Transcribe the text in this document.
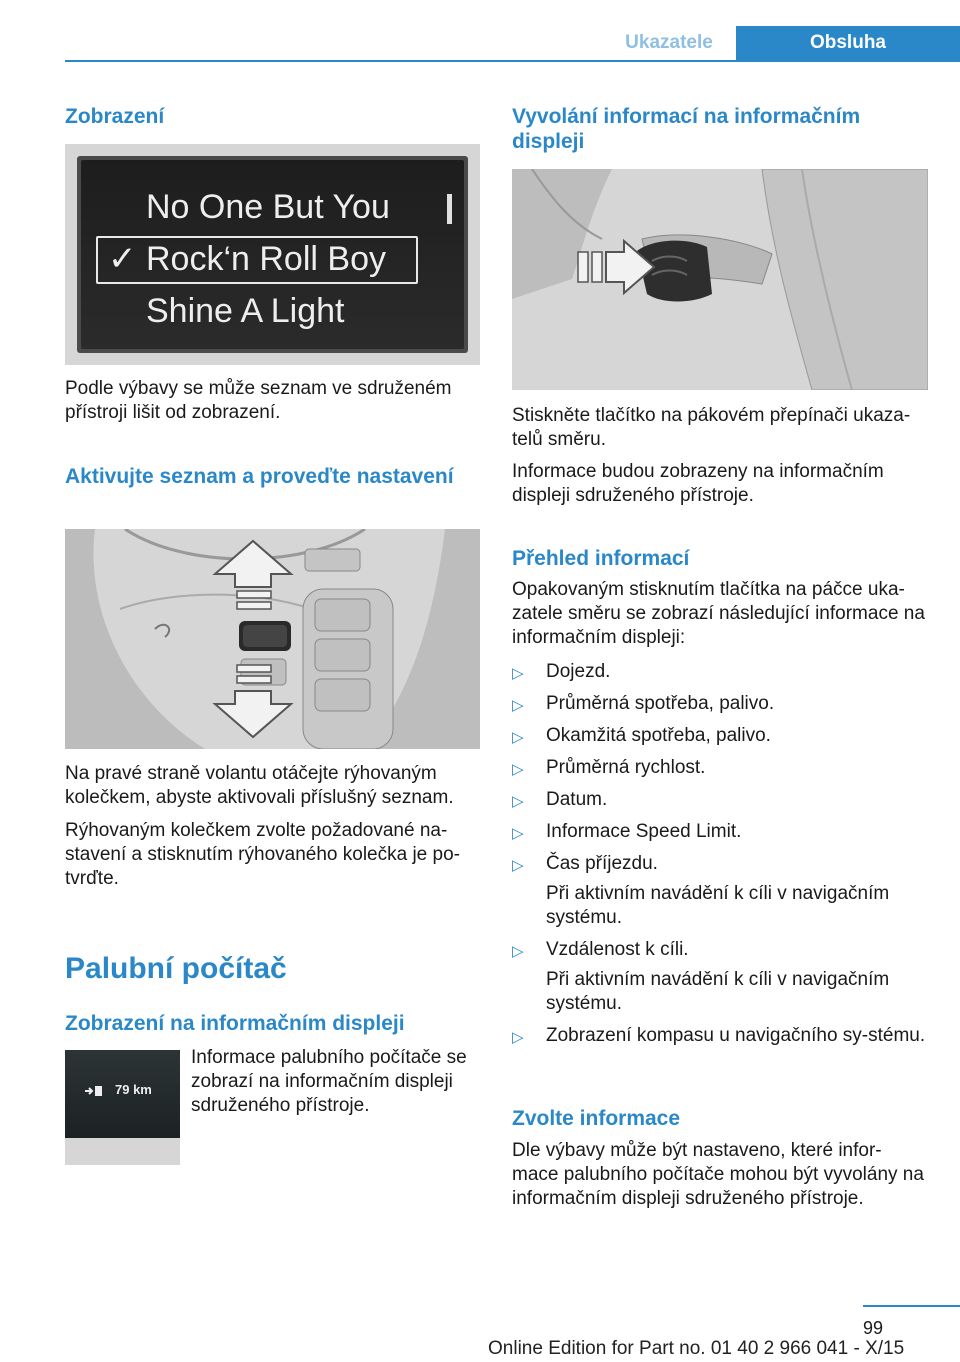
Ukazatele	Obsluha
Zobrazení
No One But You
✓ Rock‘n Roll Boy
Shine A Light

Podle výbavy se může seznam ve sdruženém přístroji lišit od zobrazení.

Aktivujte seznam a proveďte nastavení

Na pravé straně volantu otáčejte rýhovaným kolečkem, abyste aktivovali příslušný seznam.

Rýhovaným kolečkem zvolte požadované na-stavení a stisknutím rýhovaného kolečka je po-tvrďte.

Palubní počítač
Zobrazení na informačním displeji
79 km

Informace palubního počítače se zobrazí na informačním displeji sdruženého přístroje.

Vyvolání informací na informačním displeji

Stiskněte tlačítko na pákovém přepínači ukaza-telů směru.

Informace budou zobrazeny na informačním displeji sdruženého přístroje.

Přehled informací

Opakovaným stisknutím tlačítka na páčce uka-zatele směru se zobrazí následující informace na informačním displeji:

▷ Dojezd.
▷ Průměrná spotřeba, palivo.
▷ Okamžitá spotřeba, palivo.
▷ Průměrná rychlost.
▷ Datum.
▷ Informace Speed Limit.
▷ Čas příjezdu.
Při aktivním navádění k cíli v navigačním systému.
▷ Vzdálenost k cíli.
Při aktivním navádění k cíli v navigačním systému.
▷ Zobrazení kompasu u navigačního sy-stému.
Zvolte informace

Dle výbavy může být nastaveno, které infor-mace palubního počítače mohou být vyvolány na informačním displeji sdruženého přístroje.

99
Online Edition for Part no. 01 40 2 966 041 - X/15
